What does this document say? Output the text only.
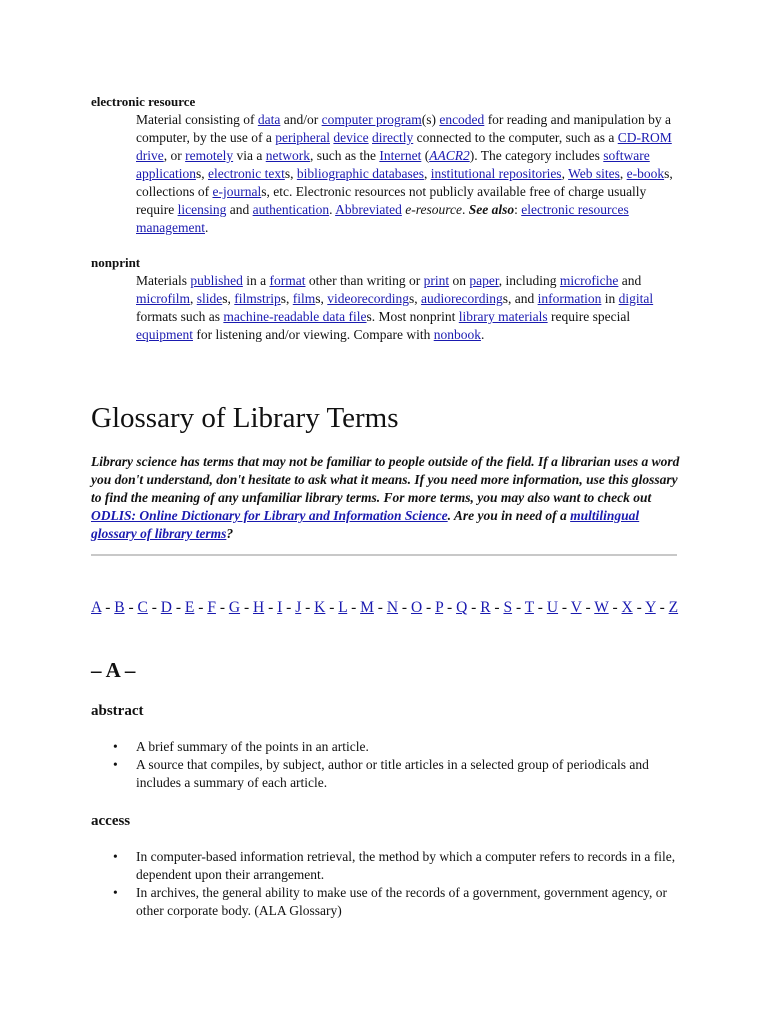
electronic resource
Material consisting of data and/or computer program(s) encoded for reading and manipulation by a computer, by the use of a peripheral device directly connected to the computer, such as a CD-ROM drive, or remotely via a network, such as the Internet (AACR2). The category includes software applications, electronic texts, bibliographic databases, institutional repositories, Web sites, e-books, collections of e-journals, etc. Electronic resources not publicly available free of charge usually require licensing and authentication. Abbreviated e-resource. See also: electronic resources management.
nonprint
Materials published in a format other than writing or print on paper, including microfiche and microfilm, slides, filmstrips, films, videorecordings, audiorecordings, and information in digital formats such as machine-readable data files. Most nonprint library materials require special equipment for listening and/or viewing. Compare with nonbook.
Glossary of Library Terms

Library science has terms that may not be familiar to people outside of the field. If a librarian uses a word you don't understand, don't hesitate to ask what it means. If you need more information, use this glossary to find the meaning of any unfamiliar library terms. For more terms, you may also want to check out ODLIS: Online Dictionary for Library and Information Science. Are you in need of a multilingual glossary of library terms?

A - B - C - D - E - F - G - H - I - J - K - L - M - N - O - P - Q - R - S - T - U - V - W - X - Y - Z

– A –
abstract
• A brief summary of the points in an article.
• A source that compiles, by subject, author or title articles in a selected group of periodicals and includes a summary of each article.
access
• In computer-based information retrieval, the method by which a computer refers to records in a file, dependent upon their arrangement.
• In archives, the general ability to make use of the records of a government, government agency, or other corporate body. (ALA Glossary)
